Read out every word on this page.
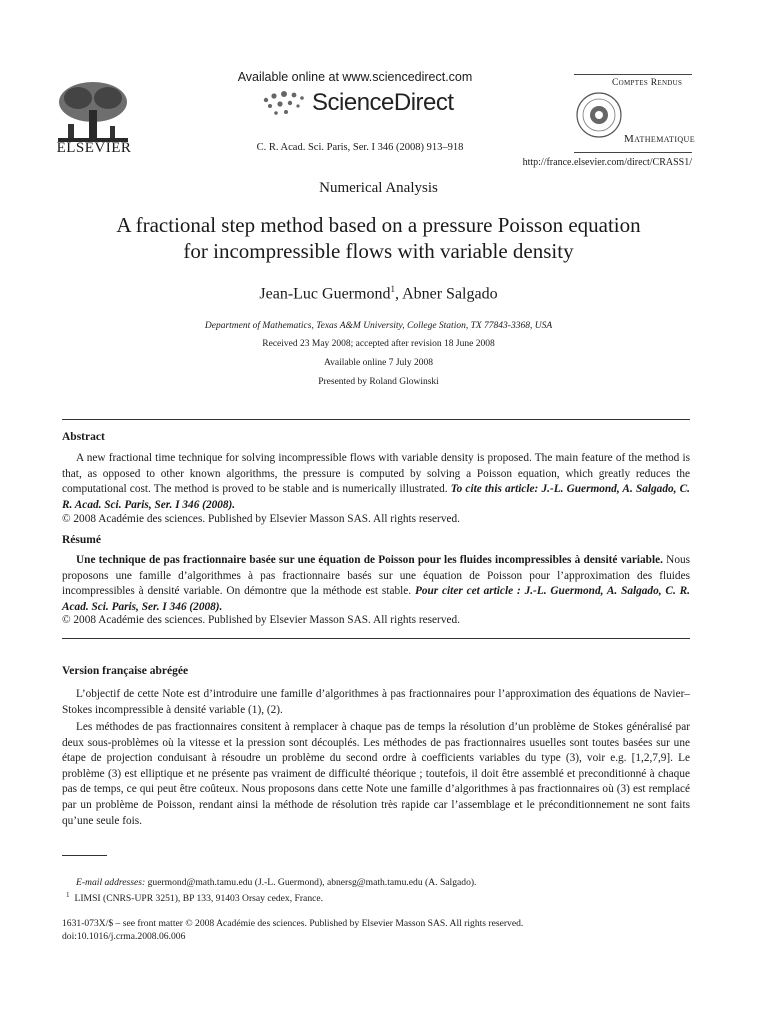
ELSEVIER
Available online at www.sciencedirect.com
ScienceDirect
C. R. Acad. Sci. Paris, Ser. I 346 (2008) 913–918
Comptes Rendus
Mathematique
http://france.elsevier.com/direct/CRASS1/
Numerical Analysis
A fractional step method based on a pressure Poisson equation
for incompressible flows with variable density
Jean-Luc Guermond$^1$, Abner Salgado
Department of Mathematics, Texas A&M University, College Station, TX 77843-3368, USA
Received 23 May 2008; accepted after revision 18 June 2008
Available online 7 July 2008
Presented by Roland Glowinski
Abstract
A new fractional time technique for solving incompressible flows with variable density is proposed. The main feature of the method is that, as opposed to other known algorithms, the pressure is computed by solving a Poisson equation, which greatly reduces the computational cost. The method is proved to be stable and is numerically illustrated. To cite this article: J.-L. Guermond, A. Salgado, C. R. Acad. Sci. Paris, Ser. I 346 (2008).
© 2008 Académie des sciences. Published by Elsevier Masson SAS. All rights reserved.
Résumé
Une technique de pas fractionnaire basée sur une équation de Poisson pour les fluides incompressibles à densité variable. Nous proposons une famille d’algorithmes à pas fractionnaire basés sur une équation de Poisson pour l’approximation des fluides incompressibles à densité variable. On démontre que la méthode est stable. Pour citer cet article : J.-L. Guermond, A. Salgado, C. R. Acad. Sci. Paris, Ser. I 346 (2008).
© 2008 Académie des sciences. Published by Elsevier Masson SAS. All rights reserved.
Version française abrégée
L’objectif de cette Note est d’introduire une famille d’algorithmes à pas fractionnaires pour l’approximation des équations de Navier–Stokes incompressible à densité variable (1), (2).
Les méthodes de pas fractionnaires consitent à remplacer à chaque pas de temps la résolution d’un problème de Stokes généralisé par deux sous-problèmes où la vitesse et la pression sont découplés. Les méthodes de pas fractionnaires usuelles sont toutes basées sur une étape de projection conduisant à résoudre un problème du second ordre à coefficients variables du type (3), voir e.g. [1,2,7,9]. Le problème (3) est elliptique et ne présente pas vraiment de difficulté théorique ; toutefois, il doit être assemblé et preconditionné à chaque pas de temps, ce qui peut être coûteux. Nous proposons dans cette Note une famille d’algorithmes à pas fractionnaires où (3) est remplacé par un problème de Poisson, rendant ainsi la méthode de résolution très rapide car l’assemblage et le préconditionnement ne sont faits qu’une seule fois.
E-mail addresses: guermond@math.tamu.edu (J.-L. Guermond), abnersg@math.tamu.edu (A. Salgado).
$^1$ LIMSI (CNRS-UPR 3251), BP 133, 91403 Orsay cedex, France.
1631-073X/$ – see front matter © 2008 Académie des sciences. Published by Elsevier Masson SAS. All rights reserved.
doi:10.1016/j.crma.2008.06.006
